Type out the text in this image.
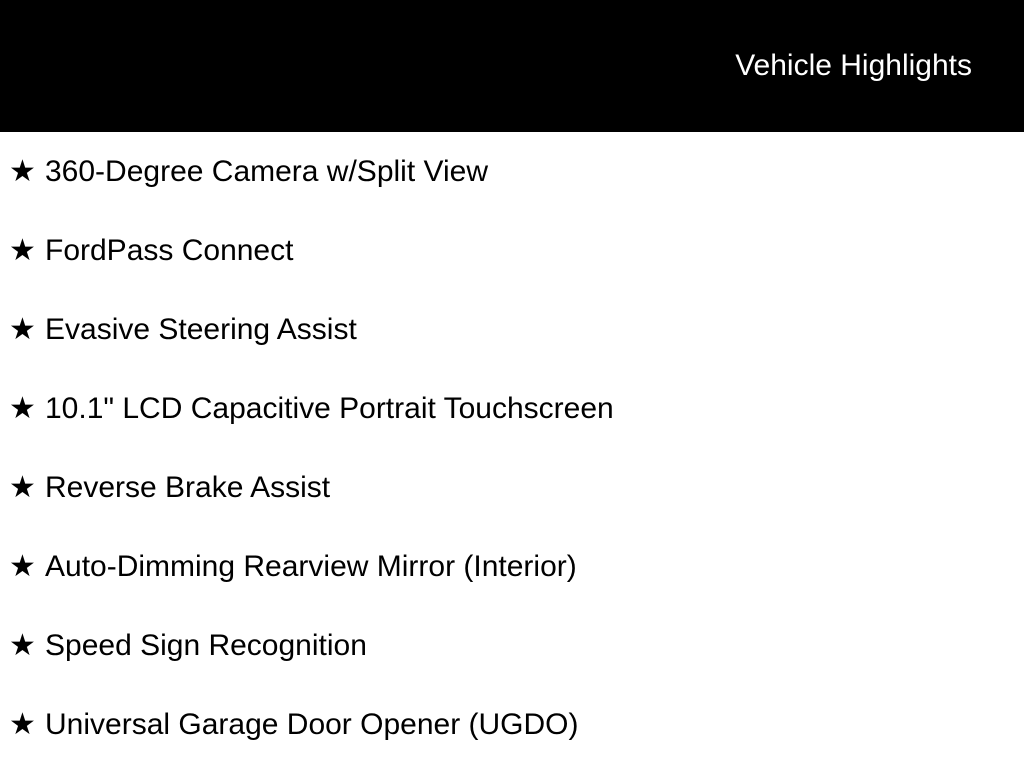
Vehicle Highlights
★ 360-Degree Camera w/Split View
★ FordPass Connect
★ Evasive Steering Assist
★ 10.1" LCD Capacitive Portrait Touchscreen
★ Reverse Brake Assist
★ Auto-Dimming Rearview Mirror (Interior)
★ Speed Sign Recognition
★ Universal Garage Door Opener (UGDO)
